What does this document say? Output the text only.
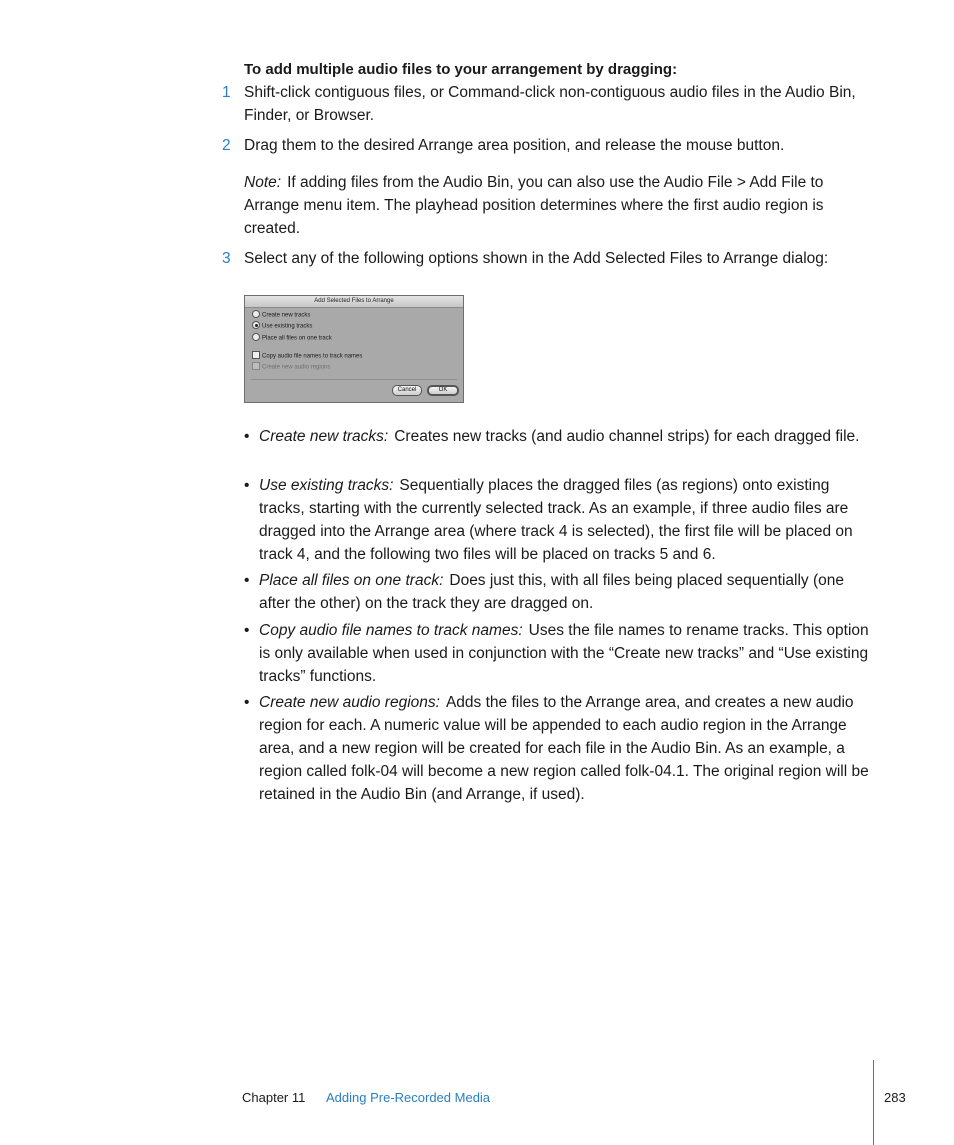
To add multiple audio files to your arrangement by dragging:
1 Shift-click contiguous files, or Command-click non-contiguous audio files in the Audio Bin, Finder, or Browser.
2 Drag them to the desired Arrange area position, and release the mouse button.
Note: If adding files from the Audio Bin, you can also use the Audio File > Add File to Arrange menu item. The playhead position determines where the first audio region is created.
3 Select any of the following options shown in the Add Selected Files to Arrange dialog:
Add Selected Files to Arrange
Create new tracks
Use existing tracks
Place all files on one track
Copy audio file names to track names
Create new audio regions
Cancel	OK
• Create new tracks: Creates new tracks (and audio channel strips) for each dragged file.
• Use existing tracks: Sequentially places the dragged files (as regions) onto existing tracks, starting with the currently selected track. As an example, if three audio files are dragged into the Arrange area (where track 4 is selected), the first file will be placed on track 4, and the following two files will be placed on tracks 5 and 6.
• Place all files on one track: Does just this, with all files being placed sequentially (one after the other) on the track they are dragged on.
• Copy audio file names to track names: Uses the file names to rename tracks. This option is only available when used in conjunction with the “Create new tracks” and “Use existing tracks” functions.
• Create new audio regions: Adds the files to the Arrange area, and creates a new audio region for each. A numeric value will be appended to each audio region in the Arrange area, and a new region will be created for each file in the Audio Bin. As an example, a region called folk-04 will become a new region called folk-04.1. The original region will be retained in the Audio Bin (and Arrange, if used).
Chapter 11 Adding Pre-Recorded Media	283
